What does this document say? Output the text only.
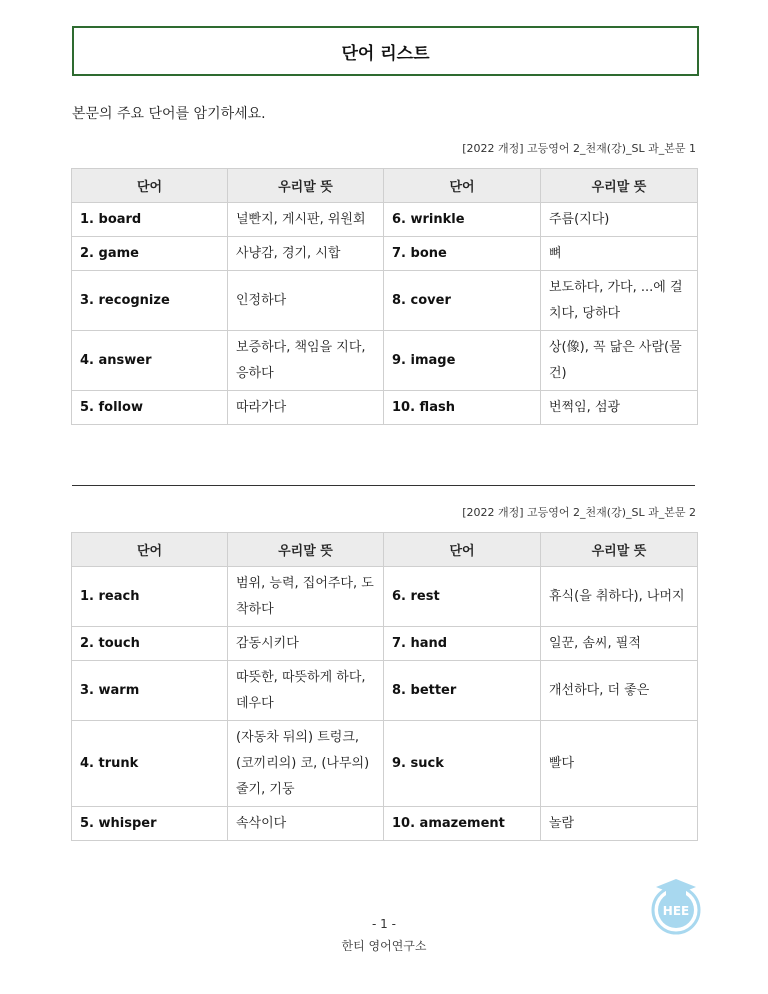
단어 리스트
본문의 주요 단어를 암기하세요.
[2022 개정] 고등영어 2_천재(강)_SL 과_본문 1
단어	우리말 뜻	단어	우리말 뜻
1. board	널빤지, 게시판, 위원회	6. wrinkle	주름(지다)
2. game	사냥감, 경기, 시합	7. bone	뼈
3. recognize	인정하다	8. cover	보도하다, 가다, ...에 걸치다, 당하다
4. answer	보증하다, 책임을 지다, 응하다	9. image	상(像), 꼭 닮은 사람(물건)
5. follow	따라가다	10. flash	번쩍임, 섬광
[2022 개정] 고등영어 2_천재(강)_SL 과_본문 2
단어	우리말 뜻	단어	우리말 뜻
1. reach	범위, 능력, 집어주다, 도착하다	6. rest	휴식(을 취하다), 나머지
2. touch	감동시키다	7. hand	일꾼, 솜씨, 필적
3. warm	따뜻한, 따뜻하게 하다, 데우다	8. better	개선하다, 더 좋은
4. trunk	(자동차 뒤의) 트렁크, (코끼리의) 코, (나무의) 줄기, 기둥	9. suck	빨다
5. whisper	속삭이다	10. amazement	놀람
HEE
- 1 -
한티 영어연구소
